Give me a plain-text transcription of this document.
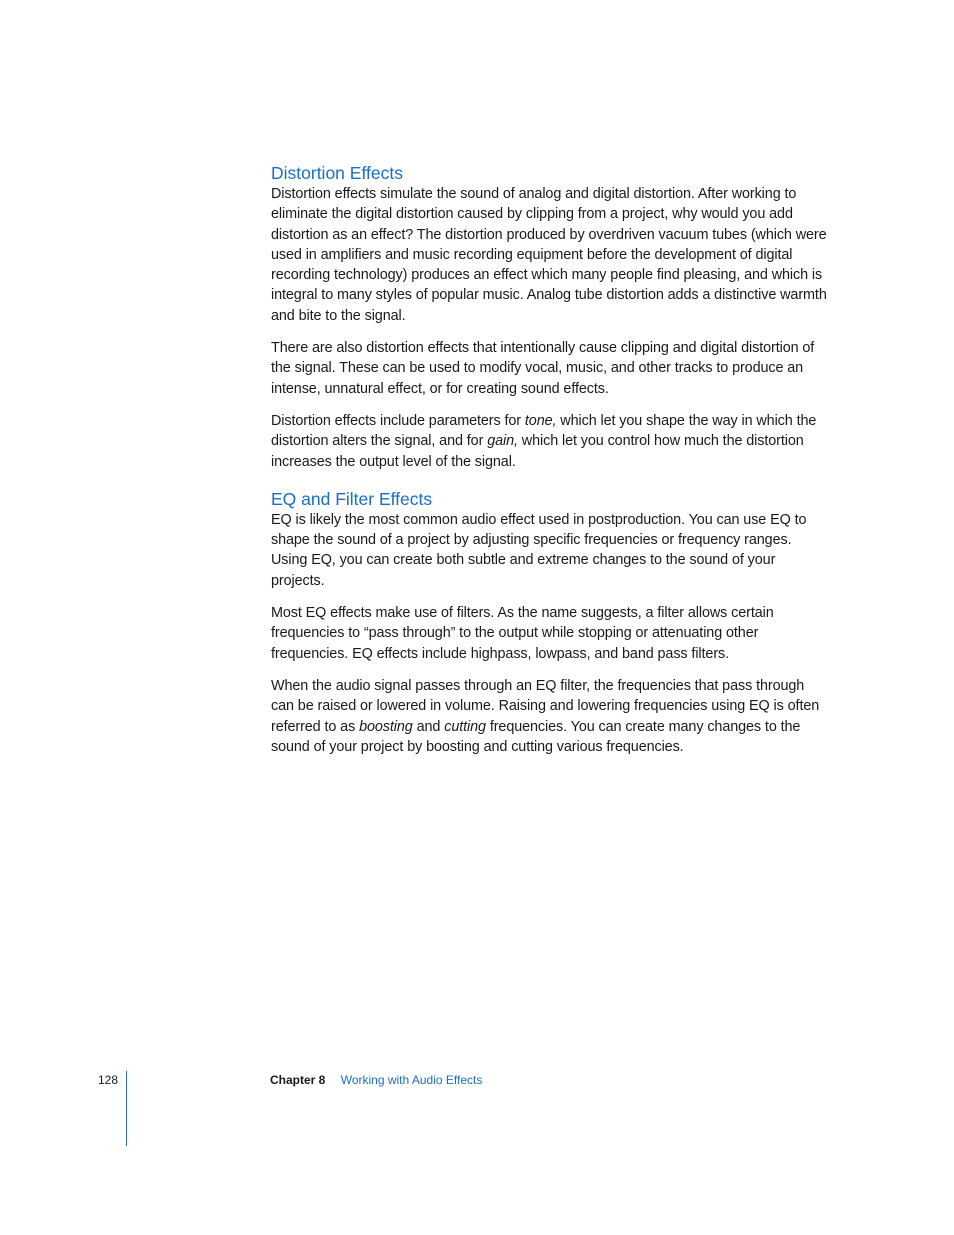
Distortion Effects

Distortion effects simulate the sound of analog and digital distortion. After working to eliminate the digital distortion caused by clipping from a project, why would you add distortion as an effect? The distortion produced by overdriven vacuum tubes (which were used in amplifiers and music recording equipment before the development of digital recording technology) produces an effect which many people find pleasing, and which is integral to many styles of popular music. Analog tube distortion adds a distinctive warmth and bite to the signal.

There are also distortion effects that intentionally cause clipping and digital distortion of the signal. These can be used to modify vocal, music, and other tracks to produce an intense, unnatural effect, or for creating sound effects.

Distortion effects include parameters for tone, which let you shape the way in which the distortion alters the signal, and for gain, which let you control how much the distortion increases the output level of the signal.

EQ and Filter Effects

EQ is likely the most common audio effect used in postproduction. You can use EQ to shape the sound of a project by adjusting specific frequencies or frequency ranges. Using EQ, you can create both subtle and extreme changes to the sound of your projects.

Most EQ effects make use of filters. As the name suggests, a filter allows certain frequencies to “pass through” to the output while stopping or attenuating other frequencies. EQ effects include highpass, lowpass, and band pass filters.

When the audio signal passes through an EQ filter, the frequencies that pass through can be raised or lowered in volume. Raising and lowering frequencies using EQ is often referred to as boosting and cutting frequencies. You can create many changes to the sound of your project by boosting and cutting various frequencies.

128	Chapter 8 Working with Audio Effects
